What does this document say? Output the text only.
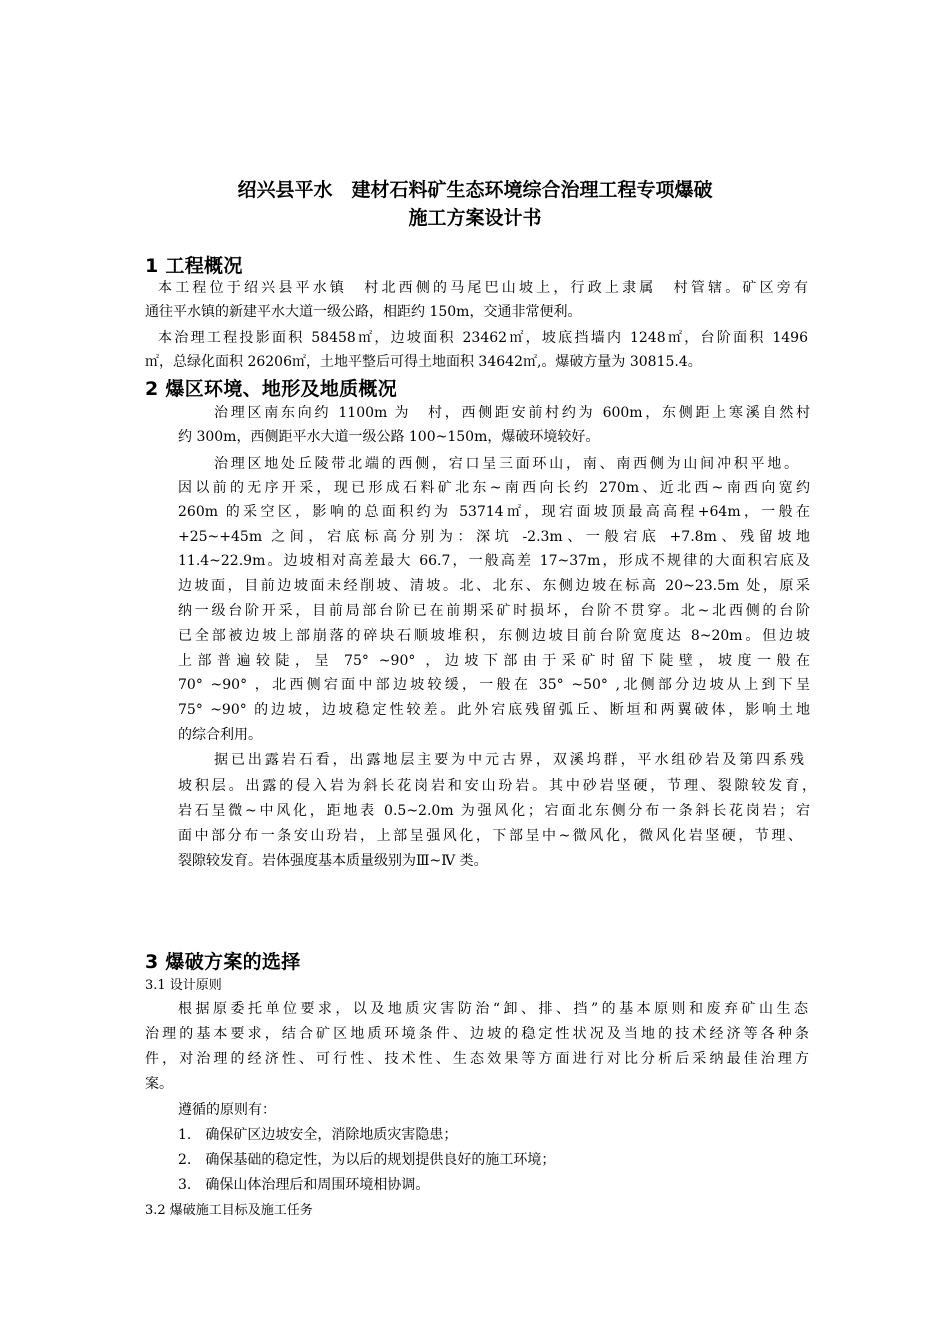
绍兴县平水　建材石料矿生态环境综合治理工程专项爆破
施工方案设计书
1 工程概况
本工程位于绍兴县平水镇　村北西侧的马尾巴山坡上，行政上隶属　村管辖。矿区旁有
通往平水镇的新建平水大道一级公路，相距约 150m，交通非常便利。
本治理工程投影面积 58458㎡，边坡面积 23462㎡，坡底挡墙内 1248㎡，台阶面积 1496
㎡，总绿化面积 26206㎡，土地平整后可得土地面积 34642㎡,。爆破方量为 30815.4。
2 爆区环境、地形及地质概况
治理区南东向约 1100m 为　村，西侧距安前村约为 600m，东侧距上寒溪自然村
约 300m，西侧距平水大道一级公路 100~150m，爆破环境较好。
治理区地处丘陵带北端的西侧，宕口呈三面环山，南、南西侧为山间冲积平地。
因以前的无序开采，现已形成石料矿北东~南西向长约 270m、近北西~南西向宽约
260m 的采空区，影响的总面积约为 53714㎡，现宕面坡顶最高高程+64m，一般在
+25~+45m 之间，宕底标高分别为：深坑 -2.3m、一般宕底 +7.8m、残留坡地
11.4~22.9m。边坡相对高差最大 66.7，一般高差 17~37m，形成不规律的大面积宕底及
边坡面，目前边坡面未经削坡、清坡。北、北东、东侧边坡在标高 20~23.5m 处，原采
纳一级台阶开采，目前局部台阶已在前期采矿时损坏，台阶不贯穿。北~北西侧的台阶
已全部被边坡上部崩落的碎块石顺坡堆积，东侧边坡目前台阶宽度达 8~20m。但边坡
上部普遍较陡，呈 75° ~90° ，边坡下部由于采矿时留下陡壁，坡度一般在
70° ~90° ，北西侧宕面中部边坡较缓，一般在 35° ~50° ,北侧部分边坡从上到下呈
75° ~90° 的边坡，边坡稳定性较差。此外宕底残留弧丘、断垣和两翼破体，影响土地
的综合利用。
据已出露岩石看，出露地层主要为中元古界，双溪坞群，平水组砂岩及第四系残
坡积层。出露的侵入岩为斜长花岗岩和安山玢岩。其中砂岩坚硬，节理、裂隙较发育，
岩石呈微~中风化，距地表 0.5~2.0m 为强风化；宕面北东侧分布一条斜长花岗岩；宕
面中部分布一条安山玢岩，上部呈强风化，下部呈中~微风化，微风化岩坚硬，节理、
裂隙较发育。岩体强度基本质量级别为Ⅲ~Ⅳ 类。
3 爆破方案的选择
3.1 设计原则
根据原委托单位要求，以及地质灾害防治“卸、排、挡”的基本原则和废弃矿山生态
治理的基本要求，结合矿区地质环境条件、边坡的稳定性状况及当地的技术经济等各种条
件，对治理的经济性、可行性、技术性、生态效果等方面进行对比分析后采纳最佳治理方
案。
遵循的原则有：
1.　确保矿区边坡安全，消除地质灾害隐患；
2.　确保基础的稳定性，为以后的规划提供良好的施工环境；
3.　确保山体治理后和周围环境相协调。
3.2 爆破施工目标及施工任务
